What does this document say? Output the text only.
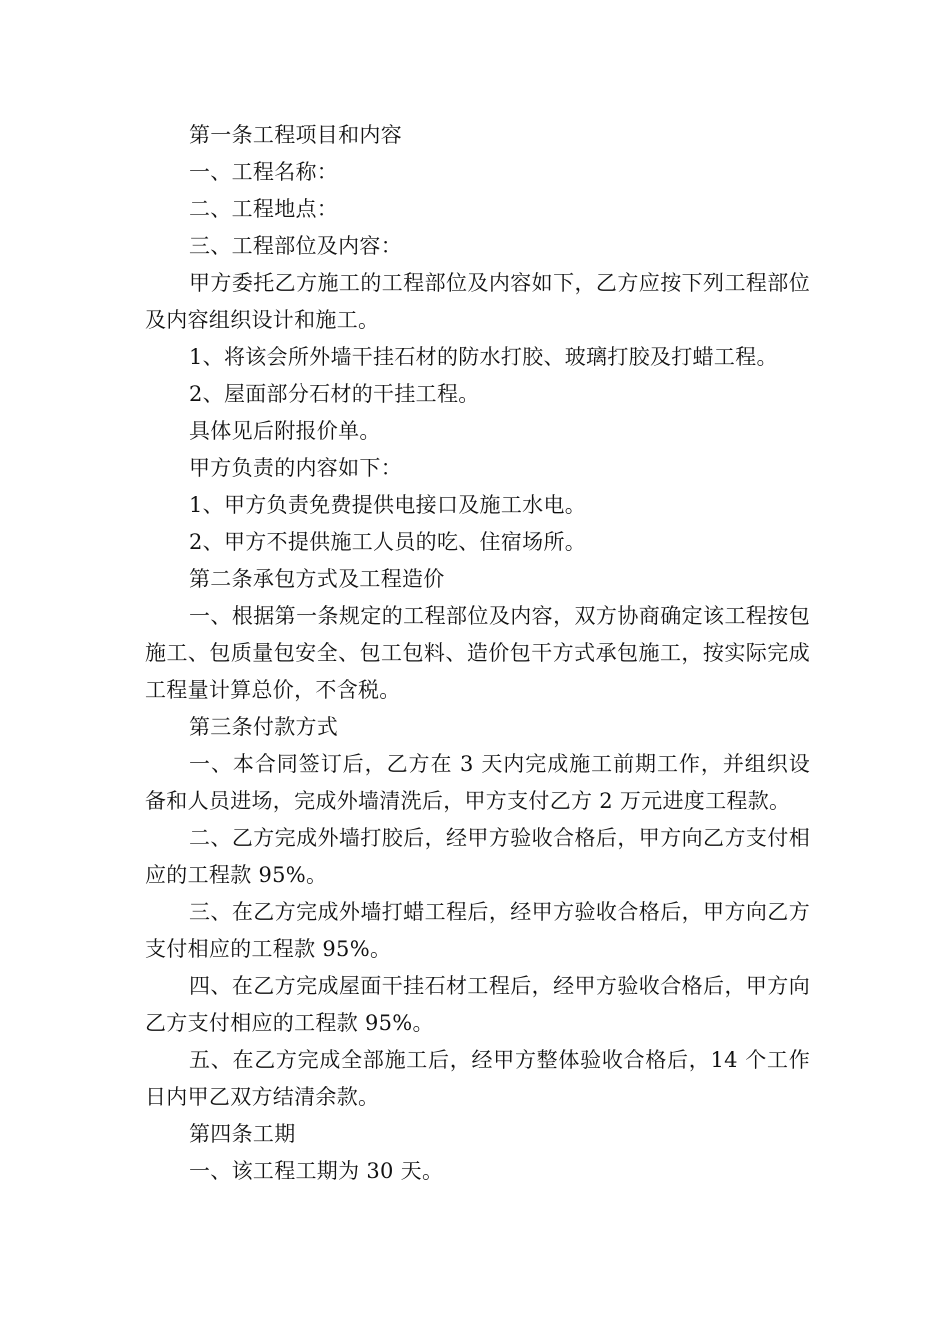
第一条工程项目和内容

一、工程名称：

二、工程地点：

三、工程部位及内容：

甲方委托乙方施工的工程部位及内容如下，乙方应按下列工程部位及内容组织设计和施工。

1、将该会所外墙干挂石材的防水打胶、玻璃打胶及打蜡工程。

2、屋面部分石材的干挂工程。

具体见后附报价单。

甲方负责的内容如下：

1、甲方负责免费提供电接口及施工水电。

2、甲方不提供施工人员的吃、住宿场所。

第二条承包方式及工程造价

一、根据第一条规定的工程部位及内容，双方协商确定该工程按包施工、包质量包安全、包工包料、造价包干方式承包施工，按实际完成工程量计算总价，不含税。

第三条付款方式

一、本合同签订后，乙方在 3 天内完成施工前期工作，并组织设备和人员进场，完成外墙清洗后，甲方支付乙方 2 万元进度工程款。

二、乙方完成外墙打胶后，经甲方验收合格后，甲方向乙方支付相应的工程款 95%。

三、在乙方完成外墙打蜡工程后，经甲方验收合格后，甲方向乙方支付相应的工程款 95%。

四、在乙方完成屋面干挂石材工程后，经甲方验收合格后，甲方向乙方支付相应的工程款 95%。

五、在乙方完成全部施工后，经甲方整体验收合格后，14 个工作日内甲乙双方结清余款。

第四条工期

一、该工程工期为 30 天。
